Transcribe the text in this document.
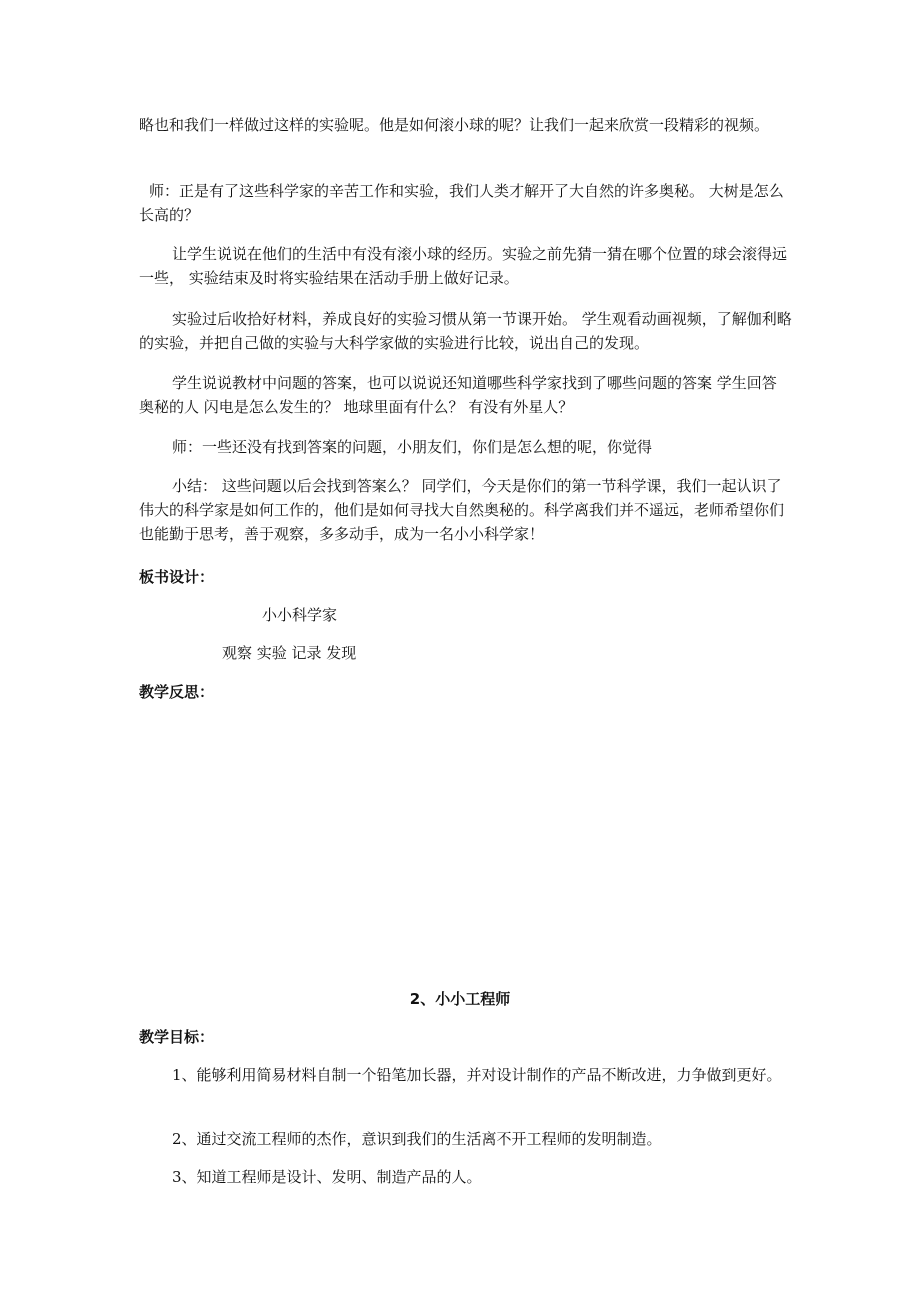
略也和我们一样做过这样的实验呢。他是如何滚小球的呢？让我们一起来欣赏一段精彩的视频。

师：正是有了这些科学家的辛苦工作和实验，我们人类才解开了大自然的许多奥秘。 大树是怎么长高的？

让学生说说在他们的生活中有没有滚小球的经历。实验之前先猜一猜在哪个位置的球会滚得远一些， 实验结束及时将实验结果在活动手册上做好记录。

实验过后收拾好材料，养成良好的实验习惯从第一节课开始。 学生观看动画视频，了解伽利略的实验，并把自己做的实验与大科学家做的实验进行比较，说出自己的发现。

学生说说教材中问题的答案，也可以说说还知道哪些科学家找到了哪些问题的答案 学生回答 奥秘的人 闪电是怎么发生的？ 地球里面有什么？ 有没有外星人？

师：一些还没有找到答案的问题，小朋友们，你们是怎么想的呢，你觉得

小结： 这些问题以后会找到答案么？ 同学们，今天是你们的第一节科学课，我们一起认识了伟大的科学家是如何工作的，他们是如何寻找大自然奥秘的。科学离我们并不遥远，老师希望你们也能勤于思考，善于观察，多多动手，成为一名小小科学家！

板书设计：

小小科学家

观察 实验 记录 发现

教学反思：

2、小小工程师

教学目标：

1、能够利用简易材料自制一个铅笔加长器，并对设计制作的产品不断改进，力争做到更好。

2、通过交流工程师的杰作，意识到我们的生活离不开工程师的发明制造。

3、知道工程师是设计、发明、制造产品的人。
